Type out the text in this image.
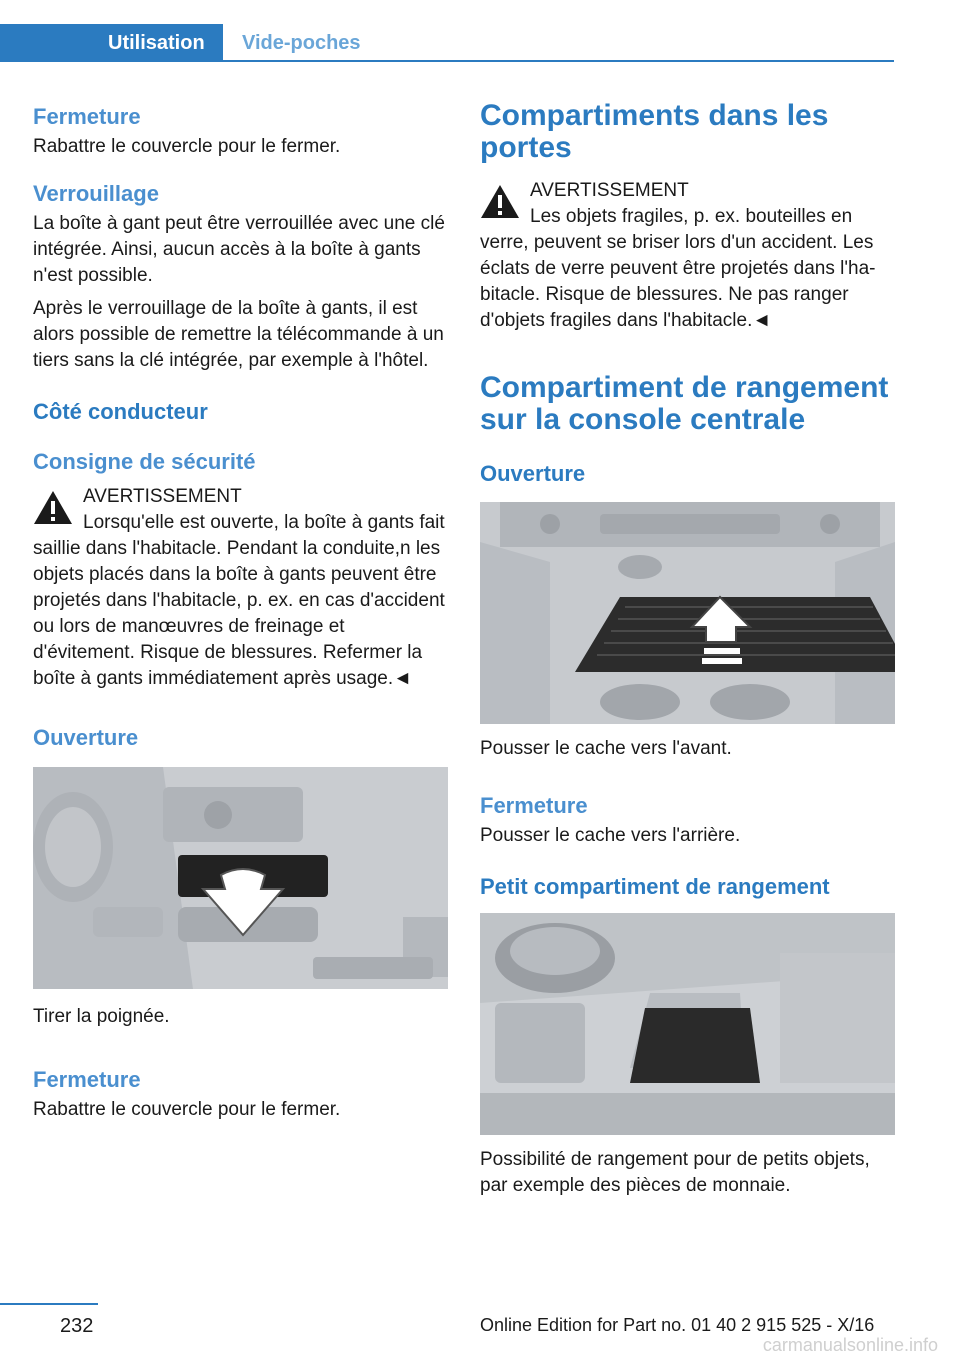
Utilisation	Vide-poches
Fermeture
Rabattre le couvercle pour le fermer.
Verrouillage
La boîte à gant peut être verrouillée avec une clé intégrée. Ainsi, aucun accès à la boîte à gants n'est possible.
Après le verrouillage de la boîte à gants, il est alors possible de remettre la télécommande à un tiers sans la clé intégrée, par exemple à l'hôtel.
Côté conducteur
Consigne de sécurité
AVERTISSEMENT
Lorsqu'elle est ouverte, la boîte à gants fait saillie dans l'habitacle. Pendant la conduite,n les objets placés dans la boîte à gants peuvent être projetés dans l'habitacle, p. ex. en cas d'accident ou lors de manœuvres de freinage et d'évitement. Risque de blessures. Refermer la boîte à gants immédiatement après usage.◄
Ouverture
Tirer la poignée.
Fermeture
Rabattre le couvercle pour le fermer.
Compartiments dans les portes
AVERTISSEMENT
Les objets fragiles, p. ex. bouteilles en verre, peuvent se briser lors d'un accident. Les éclats de verre peuvent être projetés dans l'habitacle. Risque de blessures. Ne pas ranger d'objets fragiles dans l'habitacle.◄
Compartiment de rangement sur la console centrale
Ouverture
Pousser le cache vers l'avant.
Fermeture
Pousser le cache vers l'arrière.
Petit compartiment de rangement
Possibilité de rangement pour de petits objets, par exemple des pièces de monnaie.
232	Online Edition for Part no. 01 40 2 915 525 - X/16
carmanualsonline.info
